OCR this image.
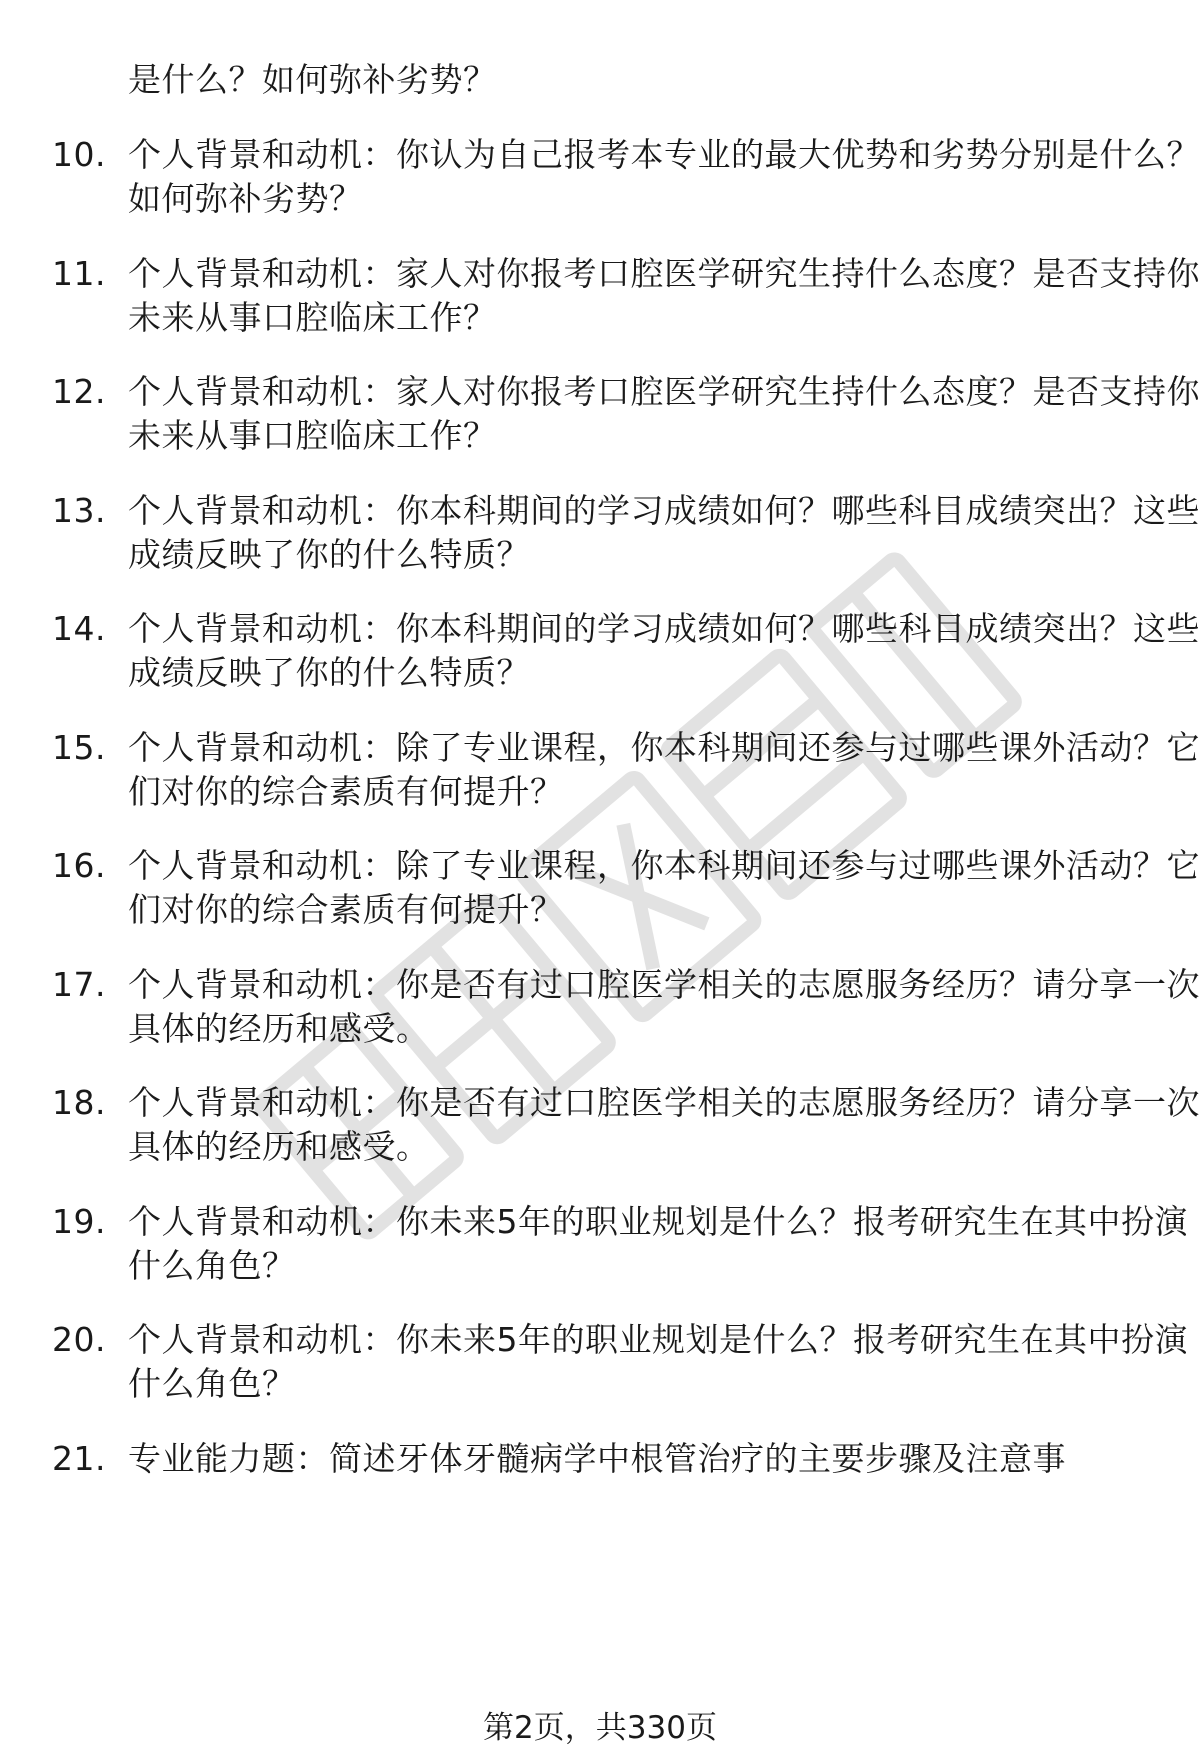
是什么？如何弥补劣势？
10. 个人背景和动机：你认为自己报考本专业的最大优势和劣势分别是什么？如何弥补劣势？
11. 个人背景和动机：家人对你报考口腔医学研究生持什么态度？是否支持你未来从事口腔临床工作？
12. 个人背景和动机：家人对你报考口腔医学研究生持什么态度？是否支持你未来从事口腔临床工作？
13. 个人背景和动机：你本科期间的学习成绩如何？哪些科目成绩突出？这些成绩反映了你的什么特质？
14. 个人背景和动机：你本科期间的学习成绩如何？哪些科目成绩突出？这些成绩反映了你的什么特质？
15. 个人背景和动机：除了专业课程，你本科期间还参与过哪些课外活动？它们对你的综合素质有何提升？
16. 个人背景和动机：除了专业课程，你本科期间还参与过哪些课外活动？它们对你的综合素质有何提升？
17. 个人背景和动机：你是否有过口腔医学相关的志愿服务经历？请分享一次具体的经历和感受。
18. 个人背景和动机：你是否有过口腔医学相关的志愿服务经历？请分享一次具体的经历和感受。
19. 个人背景和动机：你未来5年的职业规划是什么？报考研究生在其中扮演什么角色？
20. 个人背景和动机：你未来5年的职业规划是什么？报考研究生在其中扮演什么角色？
21. 专业能力题：简述牙体牙髓病学中根管治疗的主要步骤及注意事
第2页，共330页
